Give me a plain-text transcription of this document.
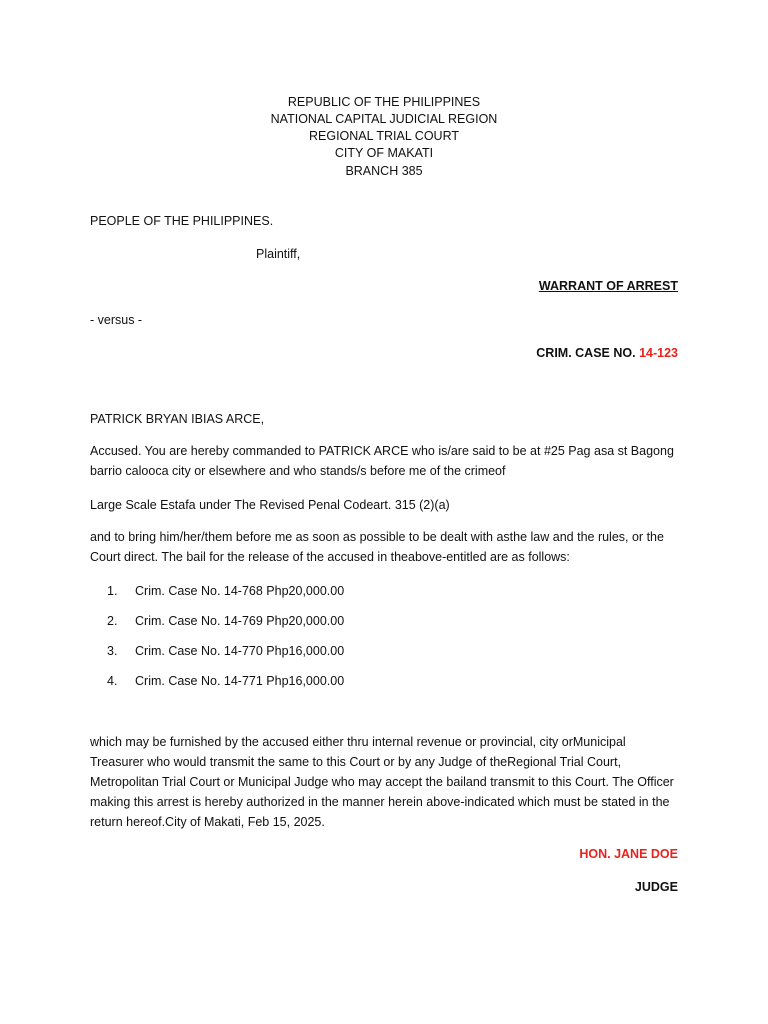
REPUBLIC OF THE PHILIPPINES
NATIONAL CAPITAL JUDICIAL REGION
REGIONAL TRIAL COURT
CITY OF MAKATI
BRANCH 385
PEOPLE OF THE PHILIPPINES.
Plaintiff,
WARRANT OF ARREST
- versus -
CRIM. CASE NO. 14-123
PATRICK BRYAN IBIAS ARCE,
Accused. You are hereby commanded to PATRICK ARCE who is/are said to be at #25 Pag asa st Bagong barrio calooca city or elsewhere and who stands/s before me of the crimeof
Large Scale Estafa under The Revised Penal Codeart. 315 (2)(a)
and to bring him/her/them before me as soon as possible to be dealt with asthe law and the rules, or the Court direct. The bail for the release of the accused in theabove-entitled are as follows:
1. Crim. Case No. 14-768 Php20,000.00
2. Crim. Case No. 14-769 Php20,000.00
3. Crim. Case No. 14-770 Php16,000.00
4. Crim. Case No. 14-771 Php16,000.00
which may be furnished by the accused either thru internal revenue or provincial, city orMunicipal Treasurer who would transmit the same to this Court or by any Judge of theRegional Trial Court, Metropolitan Trial Court or Municipal Judge who may accept the bailand transmit to this Court. The Officer making this arrest is hereby authorized in the manner herein above-indicated which must be stated in the return hereof.City of Makati, Feb 15, 2025.
HON. JANE DOE
JUDGE
